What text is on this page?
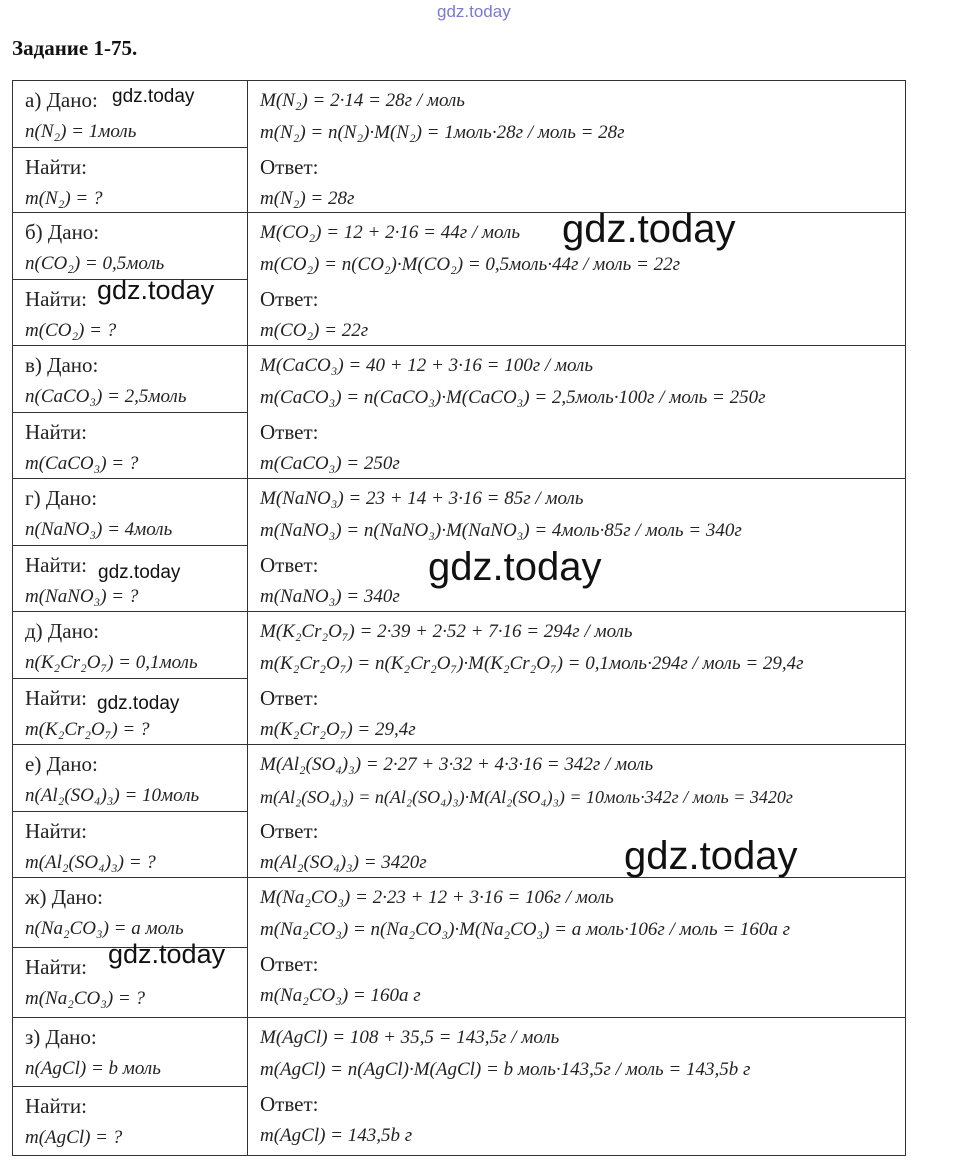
gdz.today
Задание 1-75.
а) Дано:
n(N₂) = 1моль
Найти:
m(N₂) = ?
M(N₂) = 2·14 = 28г / моль
m(N₂) = n(N₂)·M(N₂) = 1моль·28г / моль = 28г
Ответ:
m(N₂) = 28г
б) Дано:
n(CO₂) = 0,5моль
Найти:
m(CO₂) = ?
M(CO₂) = 12 + 2·16 = 44г / моль
m(CO₂) = n(CO₂)·M(CO₂) = 0,5моль·44г / моль = 22г
Ответ:
m(CO₂) = 22г
в) Дано:
n(CaCO₃) = 2,5моль
Найти:
m(CaCO₃) = ?
M(CaCO₃) = 40 + 12 + 3·16 = 100г / моль
m(CaCO₃) = n(CaCO₃)·M(CaCO₃) = 2,5моль·100г / моль = 250г
Ответ:
m(CaCO₃) = 250г
г) Дано:
n(NaNO₃) = 4моль
Найти:
m(NaNO₃) = ?
M(NaNO₃) = 23 + 14 + 3·16 = 85г / моль
m(NaNO₃) = n(NaNO₃)·M(NaNO₃) = 4моль·85г / моль = 340г
Ответ:
m(NaNO₃) = 340г
д) Дано:
n(K₂Cr₂O₇) = 0,1моль
Найти:
m(K₂Cr₂O₇) = ?
M(K₂Cr₂O₇) = 2·39 + 2·52 + 7·16 = 294г / моль
m(K₂Cr₂O₇) = n(K₂Cr₂O₇)·M(K₂Cr₂O₇) = 0,1моль·294г / моль = 29,4г
Ответ:
m(K₂Cr₂O₇) = 29,4г
е) Дано:
n(Al₂(SO₄)₃) = 10моль
Найти:
m(Al₂(SO₄)₃) = ?
M(Al₂(SO₄)₃) = 2·27 + 3·32 + 4·3·16 = 342г / моль
m(Al₂(SO₄)₃) = n(Al₂(SO₄)₃)·M(Al₂(SO₄)₃) = 10моль·342г / моль = 3420г
Ответ:
m(Al₂(SO₄)₃) = 3420г
ж) Дано:
n(Na₂CO₃) = a моль
Найти:
m(Na₂CO₃) = ?
M(Na₂CO₃) = 2·23 + 12 + 3·16 = 106г / моль
m(Na₂CO₃) = n(Na₂CO₃)·M(Na₂CO₃) = a моль·106г / моль = 160a г
Ответ:
m(Na₂CO₃) = 160a г
з) Дано:
n(AgCl) = b моль
Найти:
m(AgCl) = ?
M(AgCl) = 108 + 35,5 = 143,5г / моль
m(AgCl) = n(AgCl)·M(AgCl) = b моль·143,5г / моль = 143,5b г
Ответ:
m(AgCl) = 143,5b г
gdz.today
gdz.today
gdz.today
gdz.today
gdz.today
gdz.today
gdz.today
gdz.today
